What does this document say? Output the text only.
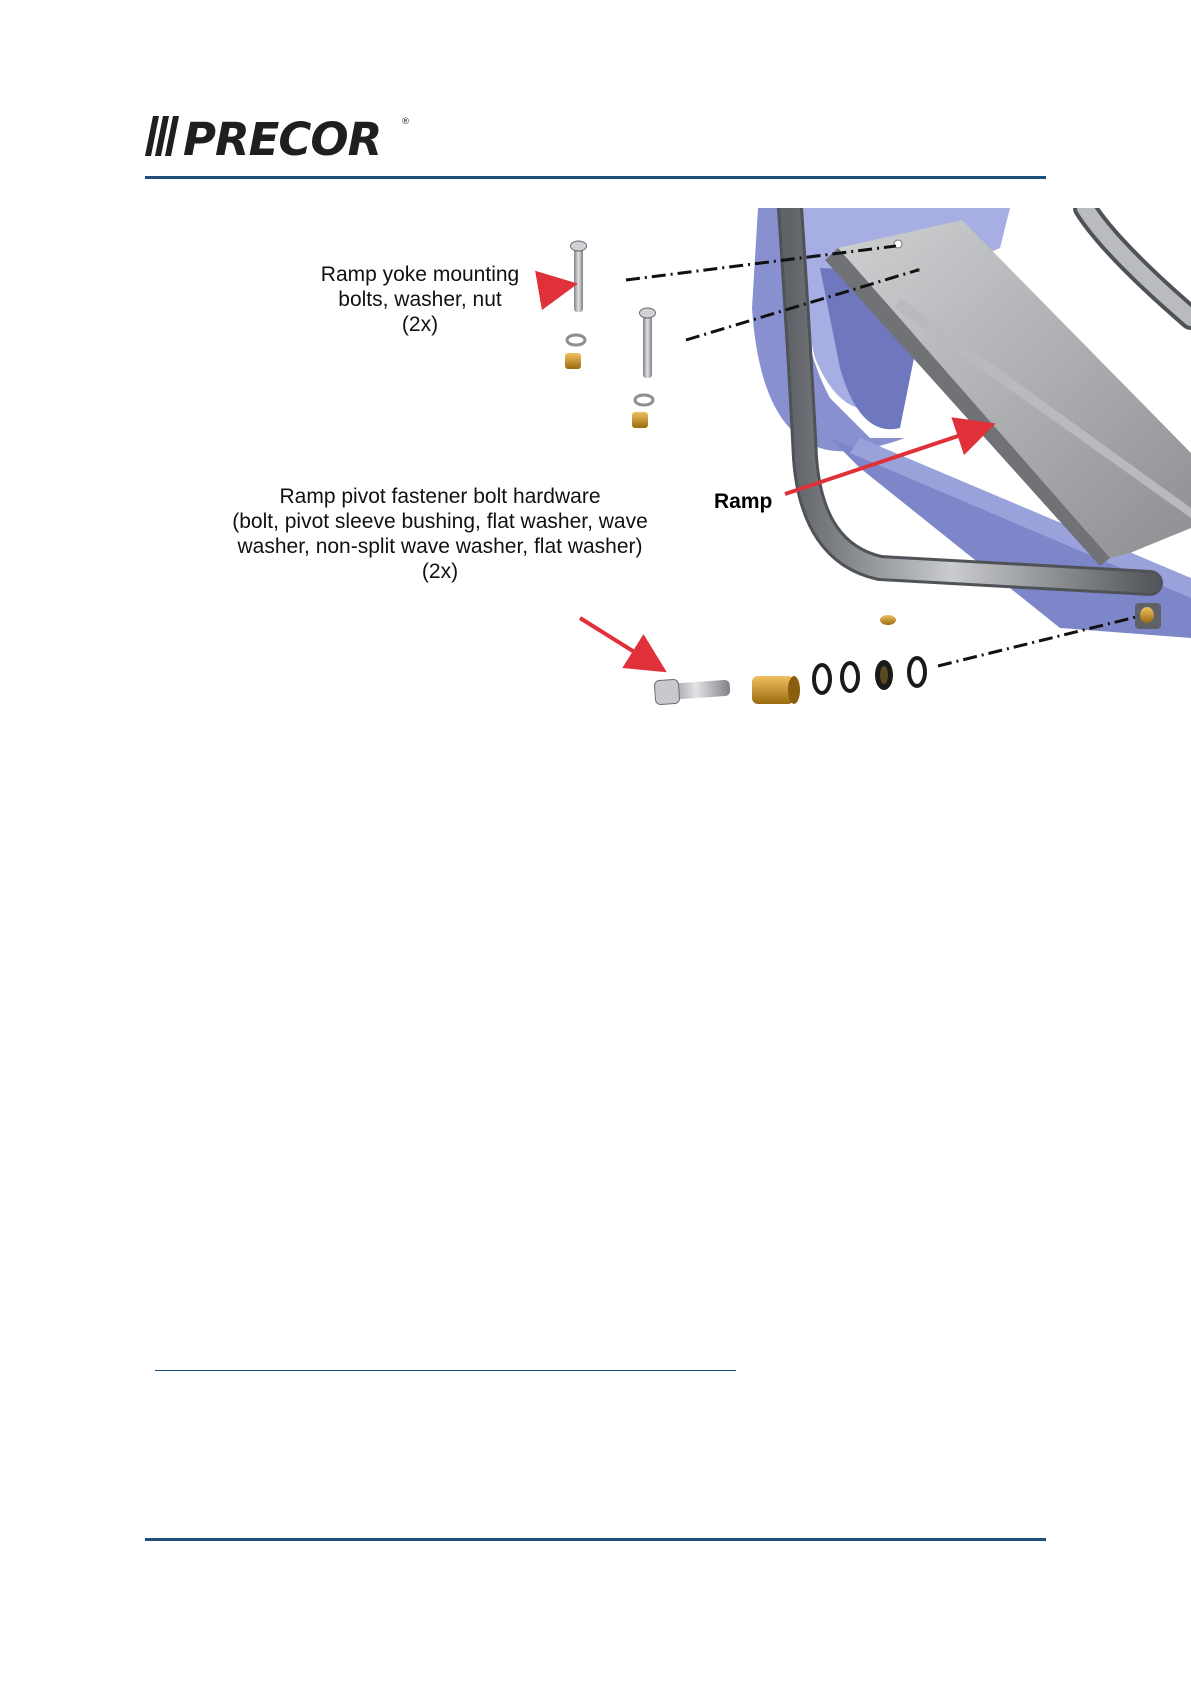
PRECOR ®
Ramp yoke mounting
bolts, washer, nut
(2x)
Ramp pivot fastener bolt hardware
(bolt, pivot sleeve bushing, flat washer, wave
washer, non-split wave washer, flat washer)
(2x)
Ramp
